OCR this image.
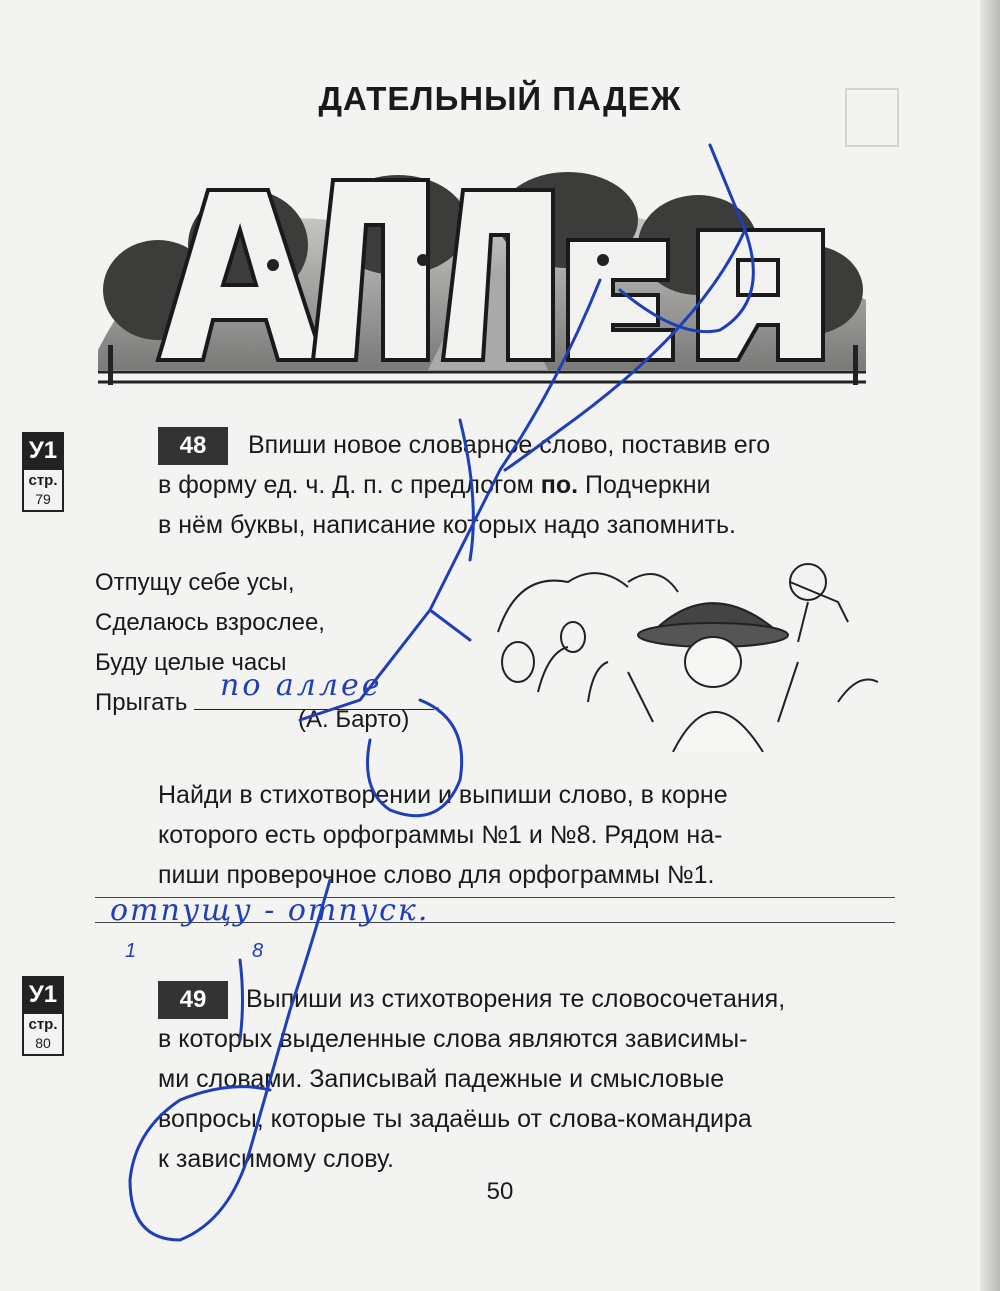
ДАТЕЛЬНЫЙ ПАДЕЖ
У1
стр.
79
48	Впиши новое словарное слово, поставив его
в форму ед. ч. Д. п. с предлогом по. Подчеркни
в нём буквы, написание которых надо запомнить.
Отпущу себе усы,
Сделаюсь взрослее,
Буду целые часы
Прыгать	.
по аллее
(А. Барто)
Найди в стихотворении и выпиши слово, в корне
которого есть орфограммы №1 и №8. Рядом на-
пиши проверочное слово для орфограммы №1.
отпущу - отпуск.
1	8
У1
стр.
80
49	Выпиши из стихотворения те словосочетания,
в которых выделенные слова являются зависимы-
ми словами. Записывай падежные и смысловые
вопросы, которые ты задаёшь от слова-командира
к зависимому слову.
50
